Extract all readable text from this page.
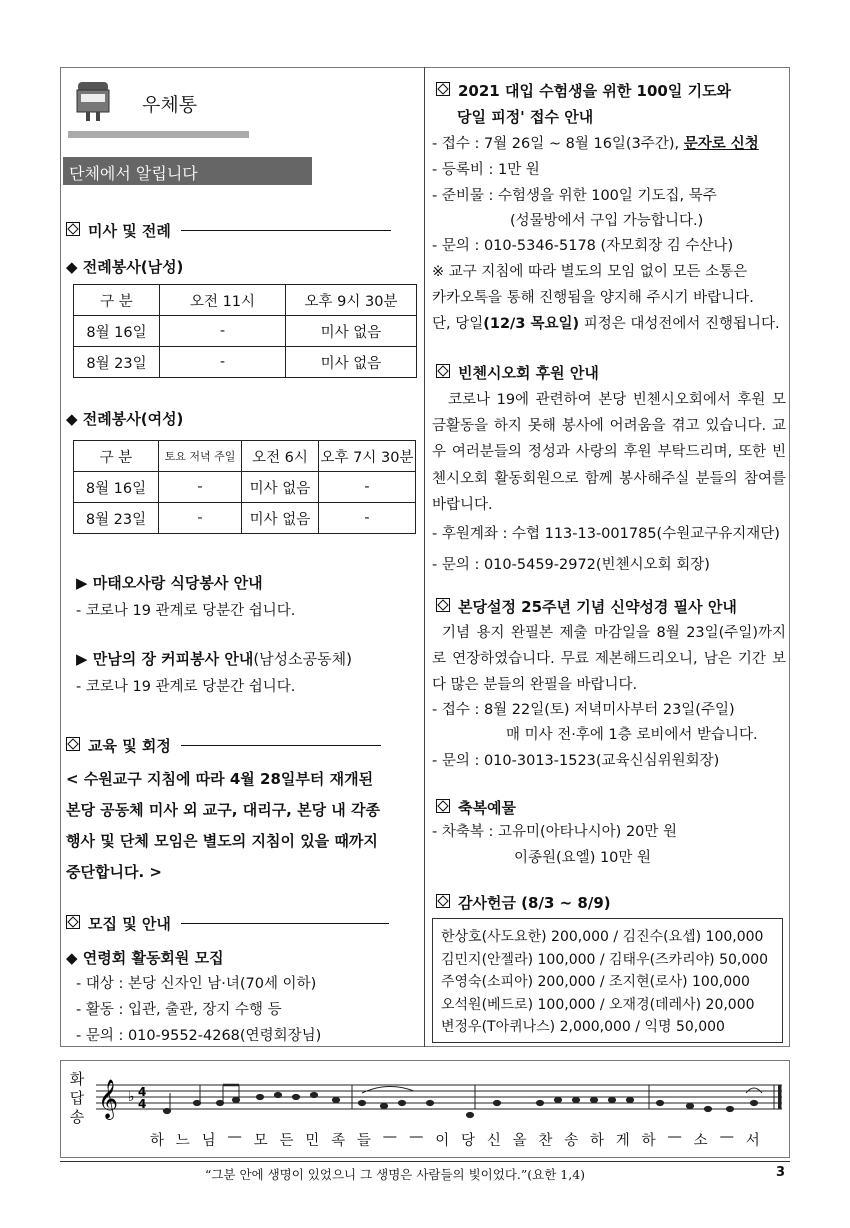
우체통
단체에서 알립니다
미사 및 전례
◆ 전례봉사(남성)
구 분	오전 11시	오후 9시 30분
8월 16일	-	미사 없음
8월 23일	-	미사 없음
◆ 전례봉사(여성)
구 분	토요 저녁 주일	오전 6시	오후 7시 30분
8월 16일	-	미사 없음	-
8월 23일	-	미사 없음	-
▶ 마태오사랑 식당봉사 안내
- 코로나 19 관계로 당분간 쉽니다.
▶ 만남의 장 커피봉사 안내(남성소공동체)
- 코로나 19 관계로 당분간 쉽니다.
교육 및 회정
< 수원교구 지침에 따라 4월 28일부터 재개된
본당 공동체 미사 외 교구, 대리구, 본당 내 각종
행사 및 단체 모임은 별도의 지침이 있을 때까지
중단합니다. >
모집 및 안내
◆ 연령회 활동회원 모집
- 대상 : 본당 신자인 남·녀(70세 이하)
- 활동 : 입관, 출관, 장지 수행 등
- 문의 : 010-9552-4268(연령회장님)
2021 대입 수험생을 위한 100일 기도와
당일 피정' 접수 안내
- 접수 : 7월 26일 ~ 8월 16일(3주간), 문자로 신청
- 등록비 : 1만 원
- 준비물 : 수험생을 위한 100일 기도집, 묵주
(성물방에서 구입 가능합니다.)
- 문의 : 010-5346-5178 (자모회장 김 수산나)
※ 교구 지침에 따라 별도의 모임 없이 모든 소통은
카카오톡을 통해 진행됨을 양지해 주시기 바랍니다.
단, 당일(12/3 목요일) 피정은 대성전에서 진행됩니다.
빈첸시오회 후원 안내
코로나 19에 관련하여 본당 빈첸시오회에서 후원 모금활동을 하지 못해 봉사에 어려움을 겪고 있습니다. 교우 여러분들의 정성과 사랑의 후원 부탁드리며, 또한 빈첸시오회 활동회원으로 함께 봉사해주실 분들의 참여를 바랍니다.
- 후원계좌 : 수협 113-13-001785(수원교구유지재단)
- 문의 : 010-5459-2972(빈첸시오회 회장)
본당설정 25주년 기념 신약성경 필사 안내
기념 용지 완필본 제출 마감일을 8월 23일(주일)까지로 연장하였습니다. 무료 제본해드리오니, 남은 기간 보다 많은 분들의 완필을 바랍니다.
- 접수 : 8월 22일(토) 저녁미사부터 23일(주일)
매 미사 전·후에 1층 로비에서 받습니다.
- 문의 : 010-3013-1523(교육신심위원회장)
축복예물
- 차축복 : 고유미(아타나시아) 20만 원
이종원(요엘) 10만 원
감사헌금 (8/3 ~ 8/9)
한상호(사도요한) 200,000 / 김진수(요셉) 100,000
김민지(안젤라) 100,000 / 김태우(즈카리야) 50,000
주영숙(소피아) 200,000 / 조지현(로사) 100,000
오석원(베드로) 100,000 / 오재경(데레사) 20,000
변정우(T아퀴나스) 2,000,000 / 익명 50,000
화답송 𝄞 ♭ 4
4
하 느 님 — 모 든 민 족 들 — — 이 당 신 올 찬 송 하 게 하 — 소 — 서
“그분 안에 생명이 있었으니 그 생명은 사람들의 빛이었다.”(요한 1,4)	3
